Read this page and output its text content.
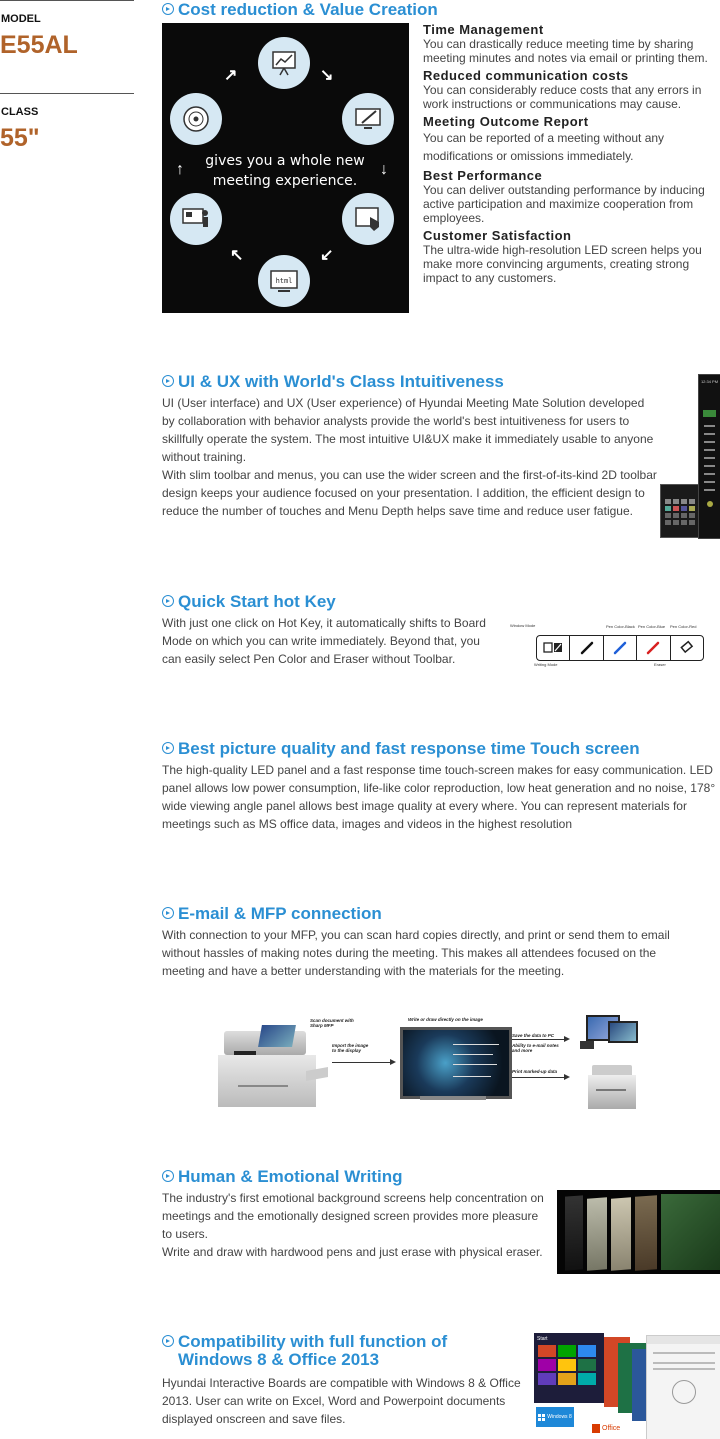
MODEL
E55AL
CLASS
55"
Cost reduction & Value Creation
html
↗	↘
↓
↙
↖
↑	gives you a whole new meeting experience.
Time Management
You can drastically reduce meeting time by sharing meeting minutes and notes via email or printing them.
Reduced communication costs
You can considerably reduce costs that any errors in work instructions or communications may cause.
Meeting Outcome Report
You can be reported of a meeting without any modifications or omissions immediately.
Best Performance
You can deliver outstanding performance by inducing active participation and maximize cooperation from employees.
Customer Satisfaction
The ultra-wide high-resolution LED screen helps you make more convincing arguments, creating strong impact to any customers.
UI & UX with World's Class Intuitiveness
UI (User interface) and UX (User experience) of Hyundai Meeting Mate Solution developed by collaboration with behavior analysts provide the world's best intuitiveness for users to skillfully operate the system. The most intuitive UI&UX make it immediately usable to anyone without training.
With slim toolbar and menus, you can use the wider screen and the first-of-its-kind 2D toolbar design keeps your audience focused on your presentation. I addition, the efficient design to reduce the number of touches and Menu Depth helps save time and reduce user fatigue.
12:34 PM
Quick Start hot Key
With just one click on Hot Key, it automatically shifts to Board Mode on which you can write immediately. Beyond that, you can easily select Pen Color and Eraser without Toolbar.
Window Mode	Pen Color-Black Pen Color-Blue Pen Color-Red
Writing Mode	Eraser
Best picture quality and fast response time Touch screen
The high-quality LED panel and a fast response time touch-screen makes for easy communication. LED panel allows low power consumption, life-like color reproduction, low heat generation and no noise, 178° wide viewing angle panel allows best image quality at every where. You can represent materials for meetings such as MS office data, images and videos in the highest resolution
E-mail & MFP connection
With connection to your MFP, you can scan hard copies directly, and print or send them to email without hassles of making notes during the meeting. This makes all attendees focused on the meeting and have a better understanding with the materials for the meeting.
Scan document with Sharp MFP
Import the image to the display
Write or draw directly on the image
Save the data to PC
Ability to e-mail notes and more
Print marked-up data
Human & Emotional Writing
The industry's first emotional background screens help concentration on meetings and the emotionally designed screen provides more pleasure to users.
Write and draw with hardwood pens and just erase with physical eraser.
Compatibility with full function of
Windows 8 & Office 2013
Hyundai Interactive Boards are compatible with Windows 8 & Office 2013. User can write on Excel, Word and Powerpoint documents displayed onscreen and save files.
Start
Windows 8
Office
